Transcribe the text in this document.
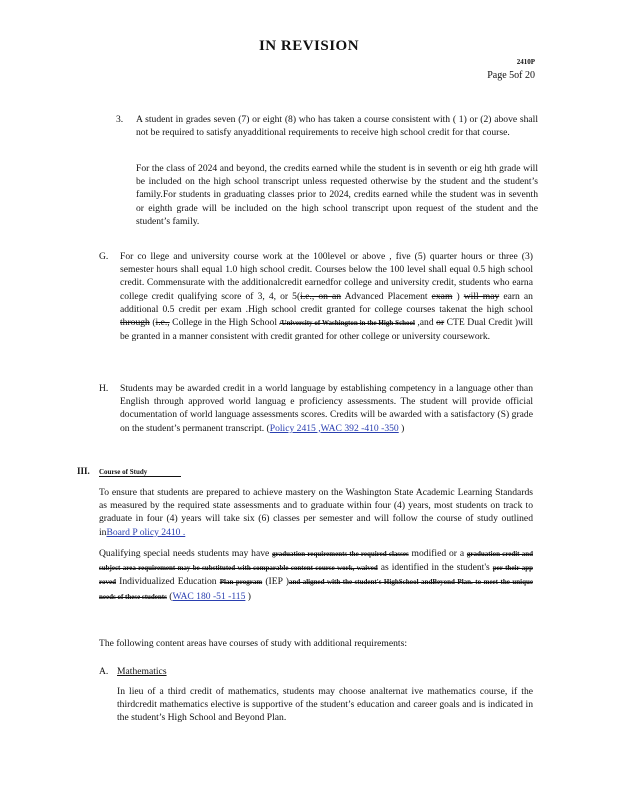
IN REVISION
2410P
Page 5of 20
3. A student in grades seven (7) or eight (8) who has taken a course consistent with ( 1) or (2) above shall not be required to satisfy anyadditional requirements to receive high school credit for that course.

For the class of 2024 and beyond, the credits earned while the student is in seventh or eig hth grade will be included on the high school transcript unless requested otherwise by the student and the student’s family.For students in graduating classes prior to 2024, credits earned while the student was in seventh or eighth grade will be included on the high school transcript upon request of the student and the student’s family.

G. For co llege and university course work at the 100level or above , five (5) quarter hours or three (3) semester hours shall equal 1.0 high school credit. Courses below the 100 level shall equal 0.5 high school credit. Commensurate with the additionalcredit earnedfor college and university credit, students who earna college credit qualifying score of 3, 4, or 5(i.e., on an Advanced Placement exam ) will may earn an additional 0.5 credit per exam .High school credit granted for college courses takenat the high school through (i.e., College in the High School /University of Washington in the High School ,and or CTE Dual Credit )will be granted in a manner consistent with credit granted for other college or university coursework.
H. Students may be awarded credit in a world language by establishing competency in a language other than English through approved world languag e proficiency assessments. The student will provide official documentation of world language assessments scores. Credits will be awarded with a satisfactory (S) grade on the student’s permanent transcript. (Policy 2415 ,WAC 392 -410 -350 )
III. Course of Study

To ensure that students are prepared to achieve mastery on the Washington State Academic Learning Standards as measured by the required state assessments and to graduate within four (4) years, most students on track to graduate in four (4) years will take six (6) classes per semester and will follow the course of study outlined inBoard P olicy 2410 .

Qualifying special needs students may have graduation requirements the required classes modified or a graduation credit and subject area requirement may be substituted with comparable content course work, waived as identified in the student's per their app roved Individualized Education Plan program (IEP )and aligned with the student's HighSchool andBeyond Plan. to meet the unique needs of these students (WAC 180 -51 -115 )

The following content areas have courses of study with additional requirements:

A. Mathematics

In lieu of a third credit of mathematics, students may choose analternat ive mathematics course, if the thirdcredit mathematics elective is supportive of the student’s education and career goals and is indicated in the student’s High School and Beyond Plan.
